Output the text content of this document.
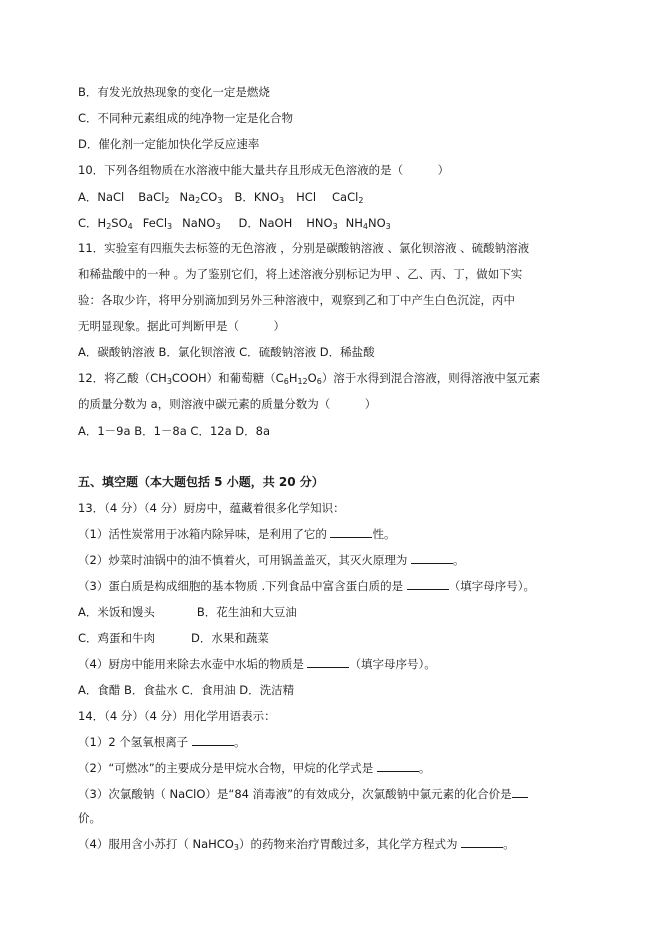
B．有发光放热现象的变化一定是燃烧
C．不同种元素组成的纯净物一定是化合物
D．催化剂一定能加快化学反应速率
10．下列各组物质在水溶液中能大量共存且形成无色溶液的是（　　　）
A．NaCl BaCl$_2$ $Na_2CO_3$ B．$KNO_3$ HCl CaCl$_2$
C．$H_2SO_4$ FeCl$_3$ NaNO$_3$ D．NaOH $HNO_3$ $NH_4NO_3$
11．实验室有四瓶失去标签的无色溶液 ，分别是碳酸钠溶液 、氯化钡溶液 、硫酸钠溶液
和稀盐酸中的一种 。为了鉴别它们，将上述溶液分别标记为甲 、乙、丙、丁，做如下实
验：各取少许，将甲分别滴加到另外三种溶液中，观察到乙和丁中产生白色沉淀，丙中
无明显现象。据此可判断甲是（　　　）
A．碳酸钠溶液 B．氯化钡溶液 C．硫酸钠溶液 D．稀盐酸
12．将乙酸$(CH_3COOH)$和葡萄糖$(C_6H_{12}O_6)$溶于水得到混合溶液，则得溶液中氢元素
的质量分数为 a，则溶液中碳元素的质量分数为（　　　）
A．1－9a B．1－8a C．12a D．8a
五、填空题（本大题包括 5 小题，共 20 分）
13．（4 分）（4 分）厨房中，蕴藏着很多化学知识：
（1）活性炭常用于冰箱内除异味，是利用了它的	性。
（2）炒菜时油锅中的油不慎着火，可用锅盖盖灭，其灭火原理为	。
（3）蛋白质是构成细胞的基本物质 .下列食品中富含蛋白质的是	（填字母序号）。
A．米饭和馒头	B．花生油和大豆油
C．鸡蛋和牛肉	D．水果和蔬菜
（4）厨房中能用来除去水壶中水垢的物质是	（填字母序号）。
A．食醋 B．食盐水 C．食用油 D．洗洁精
14．（4 分）（4 分）用化学用语表示：
（1）2 个氢氧根离子	。
（2）“可燃冰”的主要成分是甲烷水合物，甲烷的化学式是	。
（3）次氯酸钠（ NaClO）是“84 消毒液”的有效成分，次氯酸钠中氯元素的化合价是
价。
（4）服用含小苏打（ NaHCO$_3$）的药物来治疗胃酸过多，其化学方程式为	。
